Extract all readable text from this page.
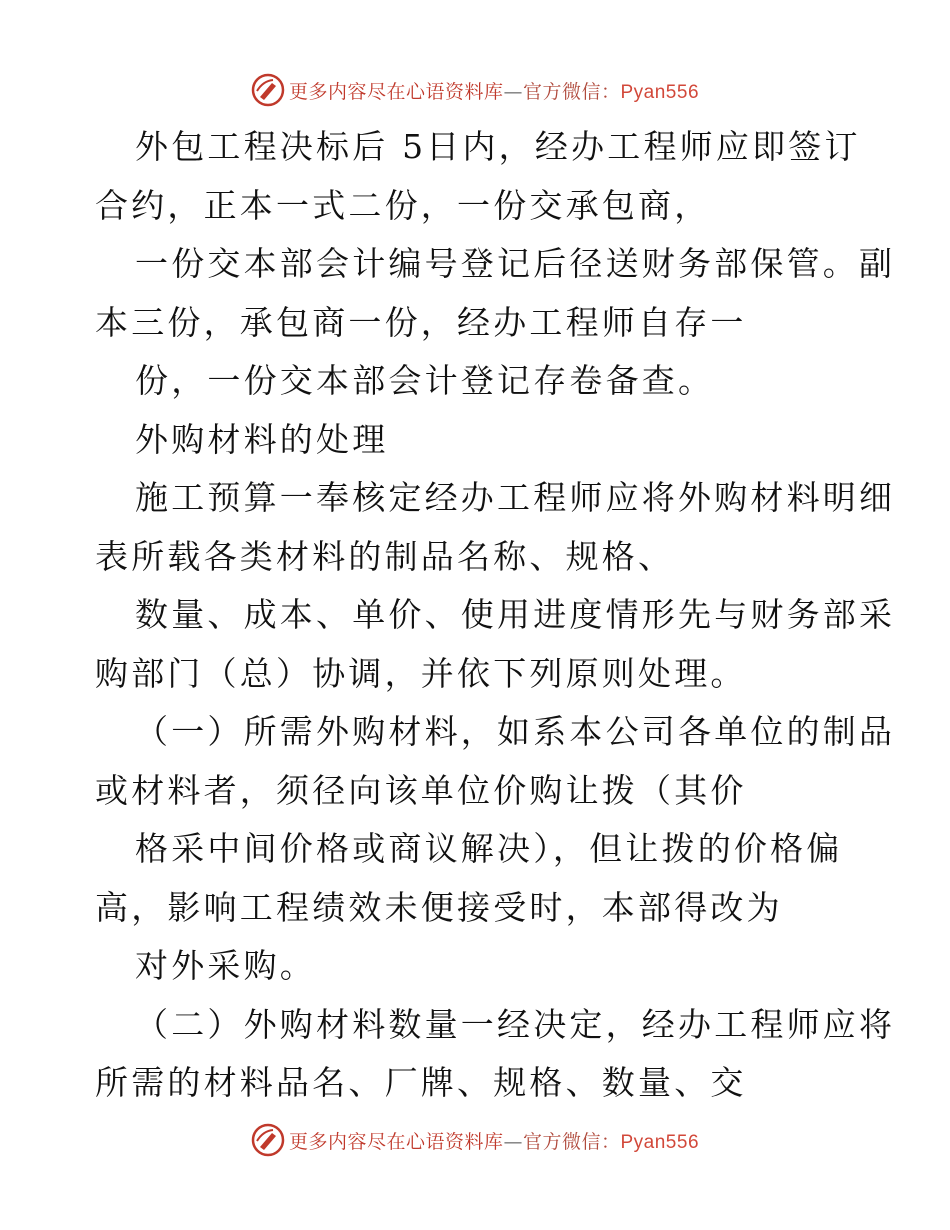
更多内容尽在心语资料库—官方微信：Pyan556
外包工程决标后 5日内，经办工程师应即签订
合约，正本一式二份，一份交承包商，
一份交本部会计编号登记后径送财务部保管。副
本三份，承包商一份，经办工程师自存一
份，一份交本部会计登记存卷备查。
外购材料的处理
施工预算一奉核定经办工程师应将外购材料明细
表所载各类材料的制品名称、规格、
数量、成本、单价、使用进度情形先与财务部采
购部门（总）协调，并依下列原则处理。
（一）所需外购材料，如系本公司各单位的制品
或材料者，须径向该单位价购让拨（其价
格采中间价格或商议解决），但让拨的价格偏
高，影响工程绩效未便接受时，本部得改为
对外采购。
（二）外购材料数量一经决定，经办工程师应将
所需的材料品名、厂牌、规格、数量、交
更多内容尽在心语资料库—官方微信：Pyan556
